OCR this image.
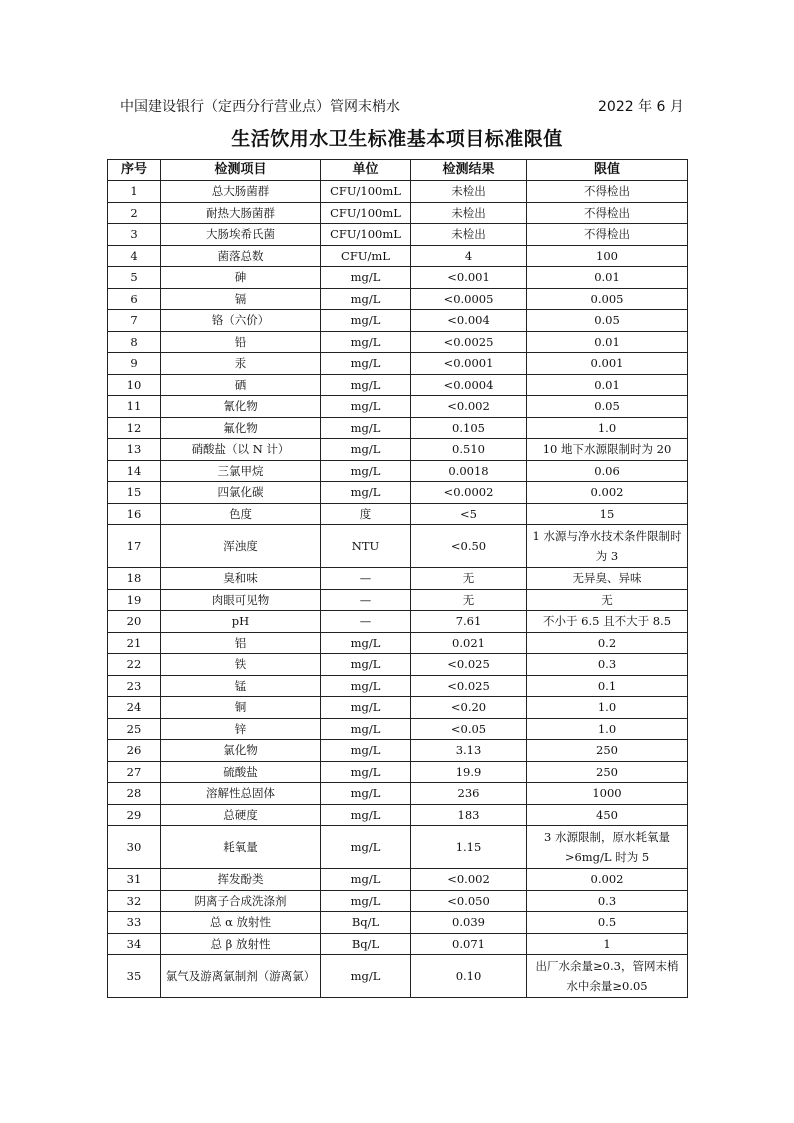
中国建设银行（定西分行营业点）管网末梢水	2022 年 6 月
生活饮用水卫生标准基本项目标准限值
序号	检测项目	单位	检测结果	限值
1	总大肠菌群	CFU/100mL	未检出	不得检出
2	耐热大肠菌群	CFU/100mL	未检出	不得检出
3	大肠埃希氏菌	CFU/100mL	未检出	不得检出
4	菌落总数	CFU/mL	4	100
5	砷	mg/L	<0.001	0.01
6	镉	mg/L	<0.0005	0.005
7	铬（六价）	mg/L	<0.004	0.05
8	铅	mg/L	<0.0025	0.01
9	汞	mg/L	<0.0001	0.001
10	硒	mg/L	<0.0004	0.01
11	氰化物	mg/L	<0.002	0.05
12	氟化物	mg/L	0.105	1.0
13	硝酸盐（以 N 计）	mg/L	0.510	10 地下水源限制时为 20
14	三氯甲烷	mg/L	0.0018	0.06
15	四氯化碳	mg/L	<0.0002	0.002
16	色度	度	<5	15
17	浑浊度	NTU	<0.50	1 水源与净水技术条件限制时为 3
18	臭和味	—	无	无异臭、异味
19	肉眼可见物	—	无	无
20	pH	—	7.61	不小于 6.5 且不大于 8.5
21	铝	mg/L	0.021	0.2
22	铁	mg/L	<0.025	0.3
23	锰	mg/L	<0.025	0.1
24	铜	mg/L	<0.20	1.0
25	锌	mg/L	<0.05	1.0
26	氯化物	mg/L	3.13	250
27	硫酸盐	mg/L	19.9	250
28	溶解性总固体	mg/L	236	1000
29	总硬度	mg/L	183	450
30	耗氧量	mg/L	1.15	3 水源限制，原水耗氧量>6mg/L 时为 5
31	挥发酚类	mg/L	<0.002	0.002
32	阴离子合成洗涤剂	mg/L	<0.050	0.3
33	总 α 放射性	Bq/L	0.039	0.5
34	总 β 放射性	Bq/L	0.071	1
35	氯气及游离氯制剂（游离氯）	mg/L	0.10	出厂水余量≥0.3，管网末梢水中余量≥0.05
